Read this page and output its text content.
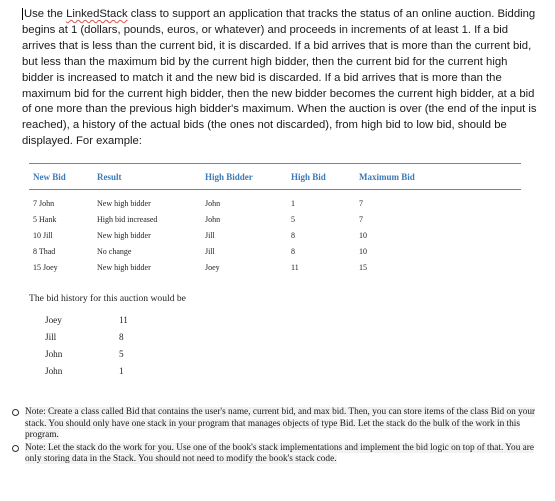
Use the LinkedStack class to support an application that tracks the status of an online auction. Bidding begins at 1 (dollars, pounds, euros, or whatever) and proceeds in increments of at least 1. If a bid arrives that is less than the current bid, it is discarded. If a bid arrives that is more than the current bid, but less than the maximum bid by the current high bidder, then the current bid for the current high bidder is increased to match it and the new bid is discarded. If a bid arrives that is more than the maximum bid for the current high bidder, then the new bidder becomes the current high bidder, at a bid of one more than the previous high bidder's maximum. When the auction is over (the end of the input is reached), a history of the actual bids (the ones not discarded), from high bid to low bid, should be displayed. For example:

New Bid	Result	High Bidder	High Bid	Maximum Bid
7 John	New high bidder	John	1	7
5 Hank	High bid increased	John	5	7
10 Jill	New high bidder	Jill	8	10
8 Thad	No change	Jill	8	10
15 Joey	New high bidder	Joey	11	15

The bid history for this auction would be

Joey	11
Jill	8
John	5
John	1
Note: Create a class called Bid that contains the user's name, current bid, and max bid. Then, you can store items of the class Bid on your stack. You should only have one stack in your program that manages objects of type Bid. Let the stack do the bulk of the work in this program.
Note: Let the stack do the work for you. Use one of the book's stack implementations and implement the bid logic on top of that. You are only storing data in the Stack. You should not need to modify the book's stack code.
